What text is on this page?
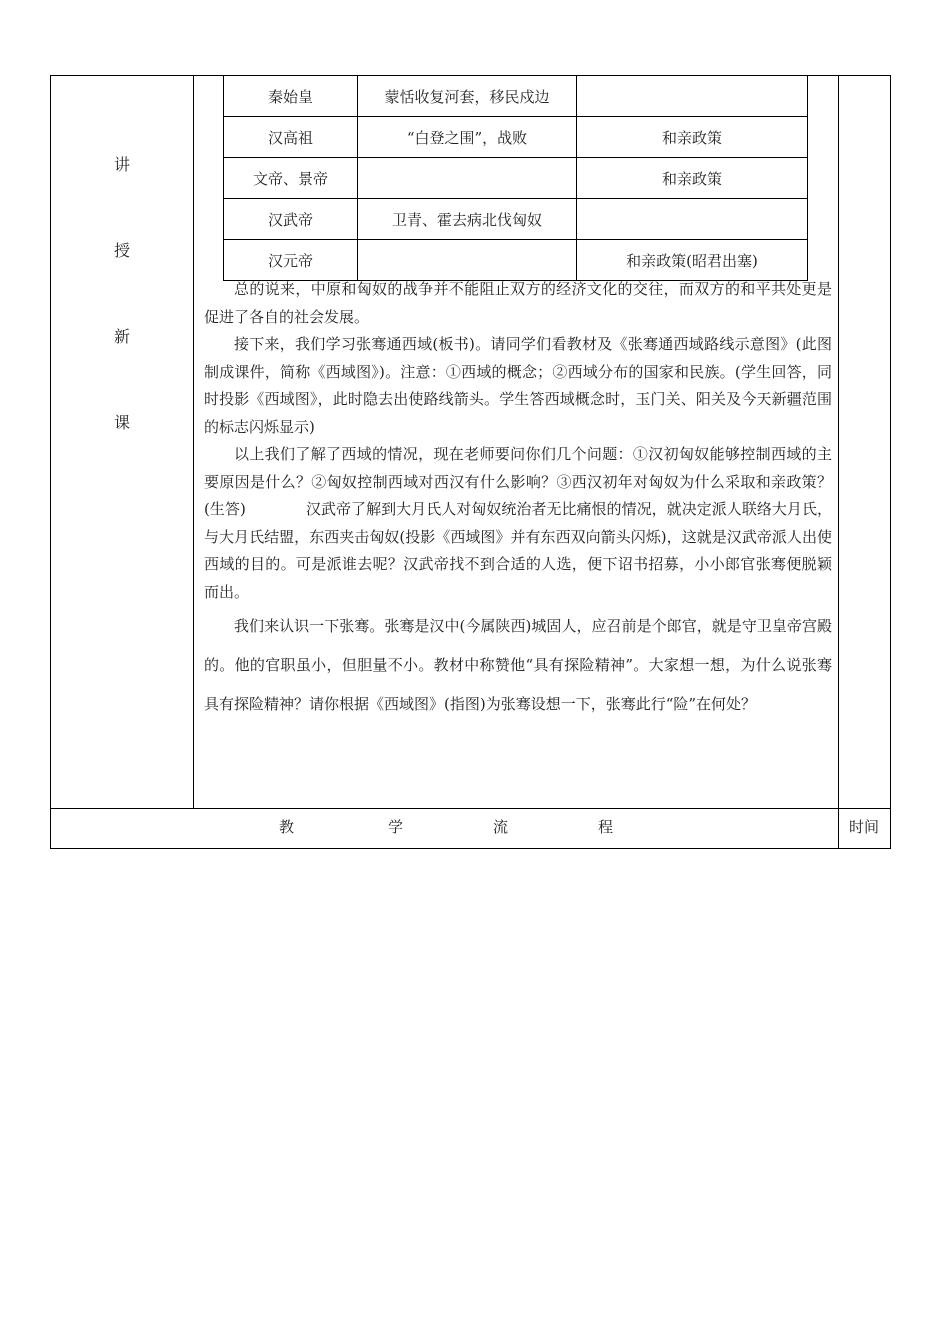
讲
授
新
课
秦始皇	蒙恬收复河套，移民戍边	
汉高祖	“白登之围”，战败	和亲政策
文帝、景帝		和亲政策
汉武帝	卫青、霍去病北伐匈奴	
汉元帝		和亲政策(昭君出塞)

总的说来，中原和匈奴的战争并不能阻止双方的经济文化的交往，而双方的和平共处更是促进了各自的社会发展。

接下来，我们学习张骞通西域(板书)。请同学们看教材及《张骞通西域路线示意图》(此图制成课件，简称《西域图》)。注意：①西域的概念；②西域分布的国家和民族。(学生回答，同时投影《西域图》，此时隐去出使路线箭头。学生答西域概念时，玉门关、阳关及今天新疆范围的标志闪烁显示)

以上我们了解了西域的情况，现在老师要问你们几个问题：①汉初匈奴能够控制西域的主要原因是什么？②匈奴控制西域对西汉有什么影响？③西汉初年对匈奴为什么采取和亲政策？(生答)　　　　汉武帝了解到大月氏人对匈奴统治者无比痛恨的情况，就决定派人联络大月氏，与大月氏结盟，东西夹击匈奴(投影《西域图》并有东西双向箭头闪烁)，这就是汉武帝派人出使西域的目的。可是派谁去呢？汉武帝找不到合适的人选，便下诏书招募，小小郎官张骞便脱颖而出。

我们来认识一下张骞。张骞是汉中(今属陕西)城固人，应召前是个郎官，就是守卫皇帝宫殿的。他的官职虽小，但胆量不小。教材中称赞他“具有探险精神”。大家想一想，为什么说张骞具有探险精神？请你根据《西域图》(指图)为张骞设想一下，张骞此行“险”在何处？

教	学	流	程	时间
